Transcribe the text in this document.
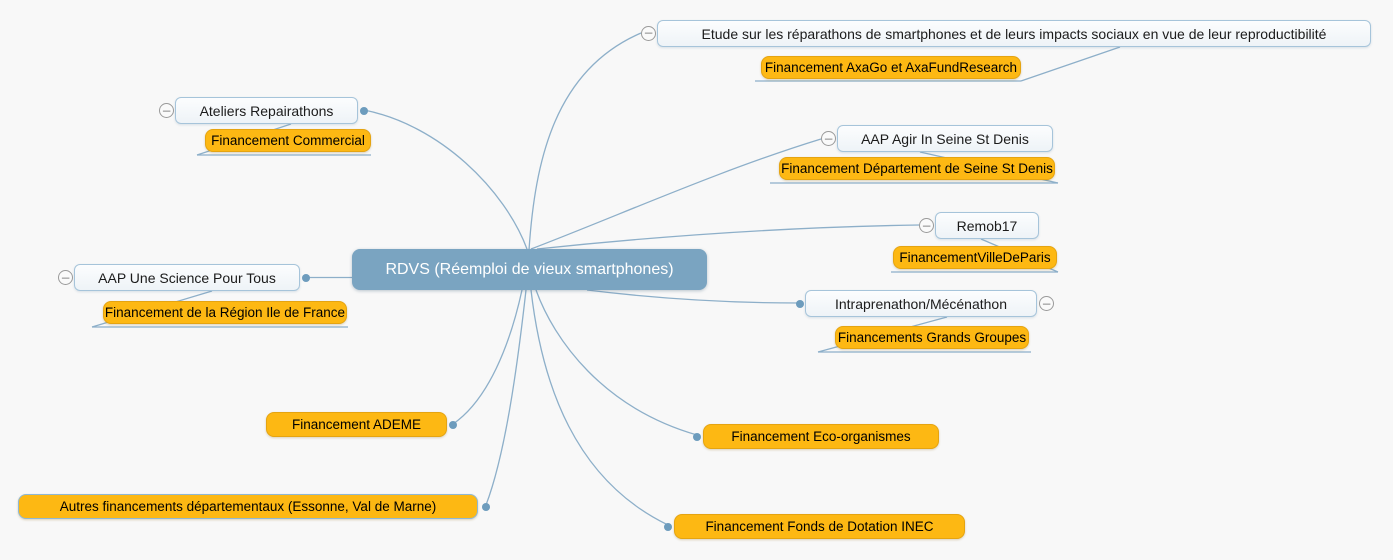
RDVS (Réemploi de vieux smartphones)
Etude sur les réparathons de smartphones et de leurs impacts sociaux en vue de leur reproductibilité
−
Financement AxaGo et AxaFundResearch
Ateliers Repairathons
−
Financement Commercial	AAP Agir In Seine St Denis
−
Financement Département de Seine St Denis
Remob17
−
FinancementVilleDeParis
Intraprenathon/Mécénathon	−
Financements Grands Groupes
AAP Une Science Pour Tous
−
Financement de la Région Ile de France
Financement ADEME
Financement Eco-organismes
Autres financements départementaux (Essonne, Val de Marne)
Financement Fonds de Dotation INEC
